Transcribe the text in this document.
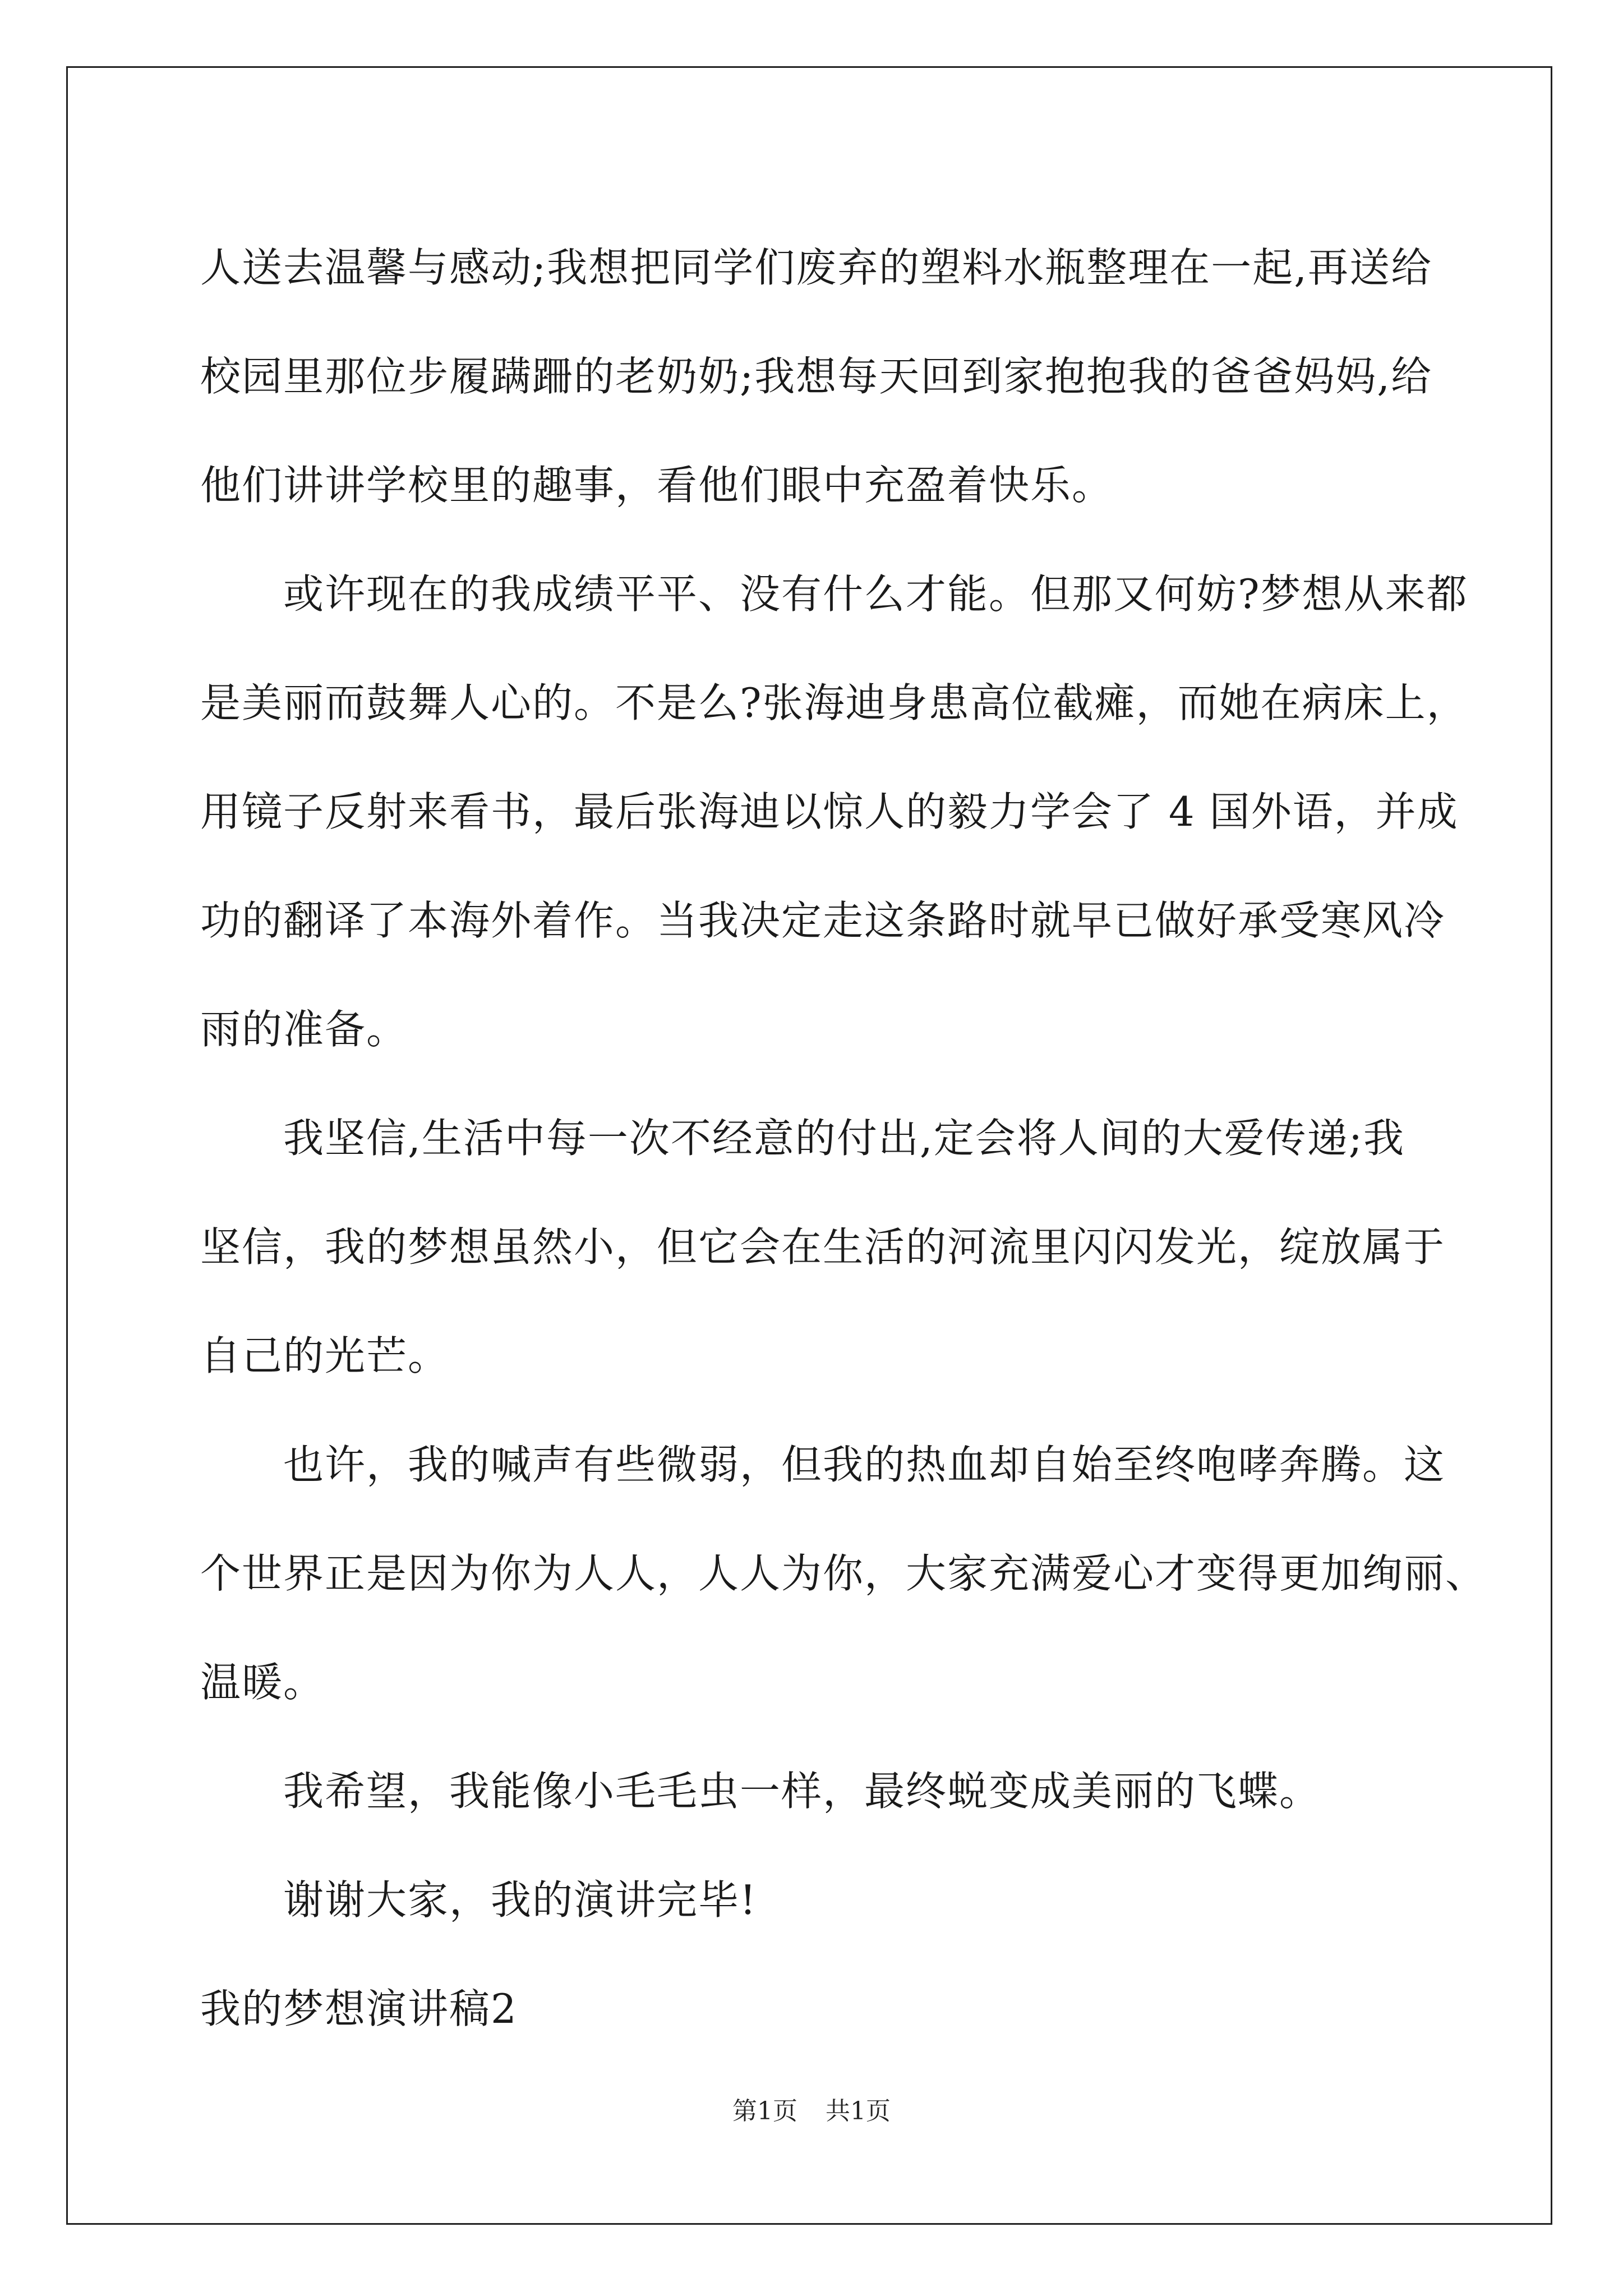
人送去温馨与感动;我想把同学们废弃的塑料水瓶整理在一起,再送给
校园里那位步履蹒跚的老奶奶;我想每天回到家抱抱我的爸爸妈妈,给
他们讲讲学校里的趣事，看他们眼中充盈着快乐。

或许现在的我成绩平平、没有什么才能。但那又何妨?梦想从来都
是美丽而鼓舞人心的。不是么?张海迪身患高位截瘫，而她在病床上，
用镜子反射来看书，最后张海迪以惊人的毅力学会了 4 国外语，并成
功的翻译了本海外着作。当我决定走这条路时就早已做好承受寒风冷
雨的准备。

我坚信,生活中每一次不经意的付出,定会将人间的大爱传递;我
坚信，我的梦想虽然小，但它会在生活的河流里闪闪发光，绽放属于
自己的光芒。

也许，我的喊声有些微弱，但我的热血却自始至终咆哮奔腾。这
个世界正是因为你为人人，人人为你，大家充满爱心才变得更加绚丽、
温暖。

我希望，我能像小毛毛虫一样，最终蜕变成美丽的飞蝶。

谢谢大家，我的演讲完毕!

我的梦想演讲稿2

第1页 共1页
